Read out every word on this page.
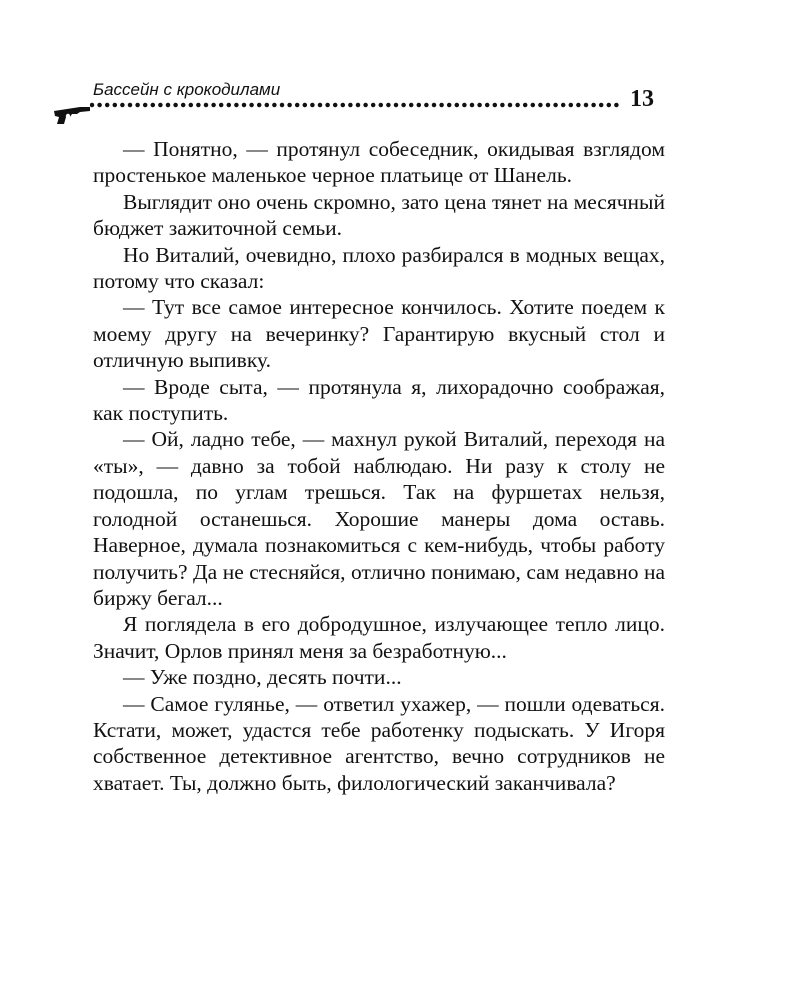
Бассейн с крокодилами	13

— Понятно, — протянул собеседник, окидывая взглядом простенькое маленькое черное платьице от Шанель.

Выглядит оно очень скромно, зато цена тянет на месячный бюджет зажиточной семьи.

Но Виталий, очевидно, плохо разбирался в модных вещах, потому что сказал:

— Тут все самое интересное кончилось. Хотите поедем к моему другу на вечеринку? Гарантирую вкусный стол и отличную выпивку.

— Вроде сыта, — протянула я, лихорадочно соображая, как поступить.

— Ой, ладно тебе, — махнул рукой Виталий, переходя на «ты», — давно за тобой наблюдаю. Ни разу к столу не подошла, по углам трешься. Так на фуршетах нельзя, голодной останешься. Хорошие манеры дома оставь. Наверное, думала познакомиться с кем-нибудь, чтобы работу получить? Да не стесняйся, отлично понимаю, сам недавно на биржу бегал...

Я поглядела в его добродушное, излучающее тепло лицо. Значит, Орлов принял меня за безработную...

— Уже поздно, десять почти...

— Самое гулянье, — ответил ухажер, — пошли одеваться. Кстати, может, удастся тебе работенку подыскать. У Игоря собственное детективное агентство, вечно сотрудников не хватает. Ты, должно быть, филологический заканчивала?
